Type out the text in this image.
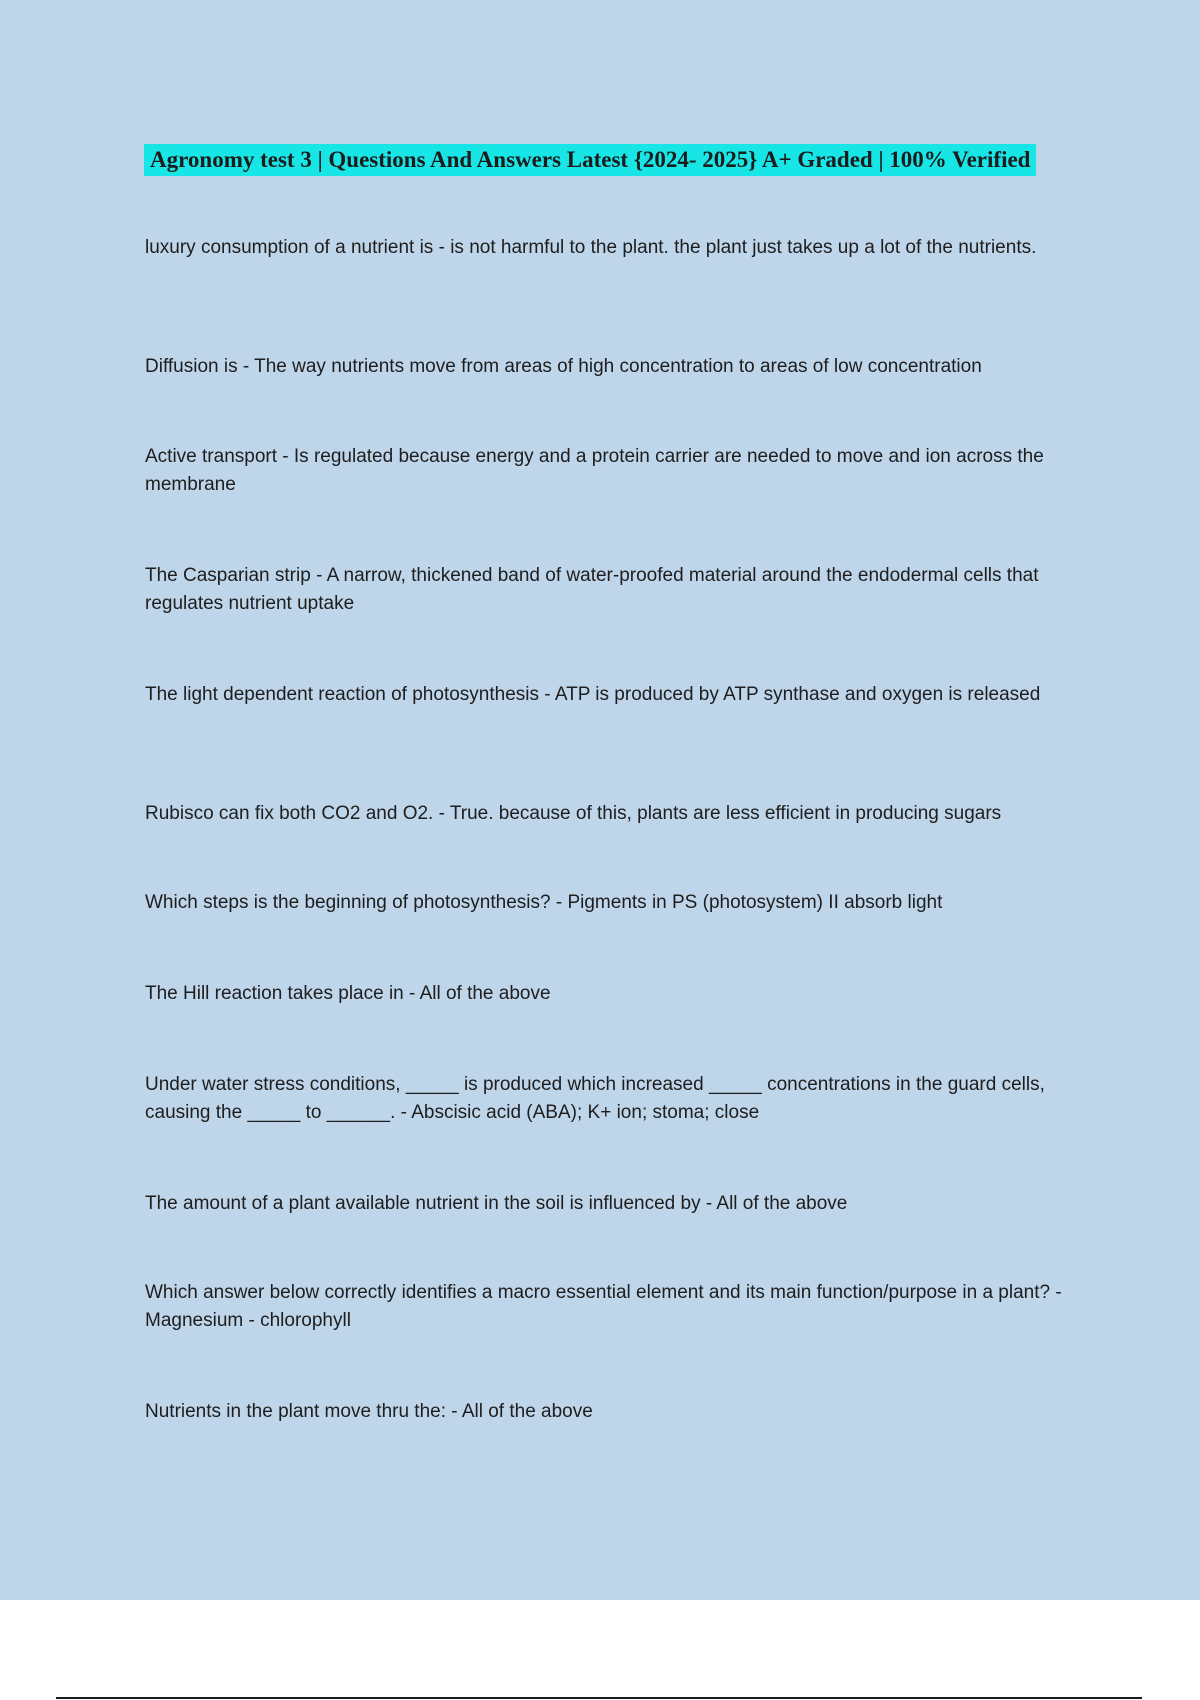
Agronomy test 3 | Questions And Answers Latest {2024- 2025} A+ Graded | 100% Verified

luxury consumption of a nutrient is - is not harmful to the plant. the plant just takes up a lot of the nutrients.

Diffusion is - The way nutrients move from areas of high concentration to areas of low concentration

Active transport - Is regulated because energy and a protein carrier are needed to move and ion across the membrane

The Casparian strip - A narrow, thickened band of water-proofed material around the endodermal cells that regulates nutrient uptake

The light dependent reaction of photosynthesis - ATP is produced by ATP synthase and oxygen is released

Rubisco can fix both CO2 and O2. - True. because of this, plants are less efficient in producing sugars

Which steps is the beginning of photosynthesis? - Pigments in PS (photosystem) II absorb light

The Hill reaction takes place in - All of the above

Under water stress conditions, _____ is produced which increased _____ concentrations in the guard cells, causing the _____ to ______. - Abscisic acid (ABA); K+ ion; stoma; close

The amount of a plant available nutrient in the soil is influenced by - All of the above

Which answer below correctly identifies a macro essential element and its main function/purpose in a plant? - Magnesium - chlorophyll

Nutrients in the plant move thru the: - All of the above
